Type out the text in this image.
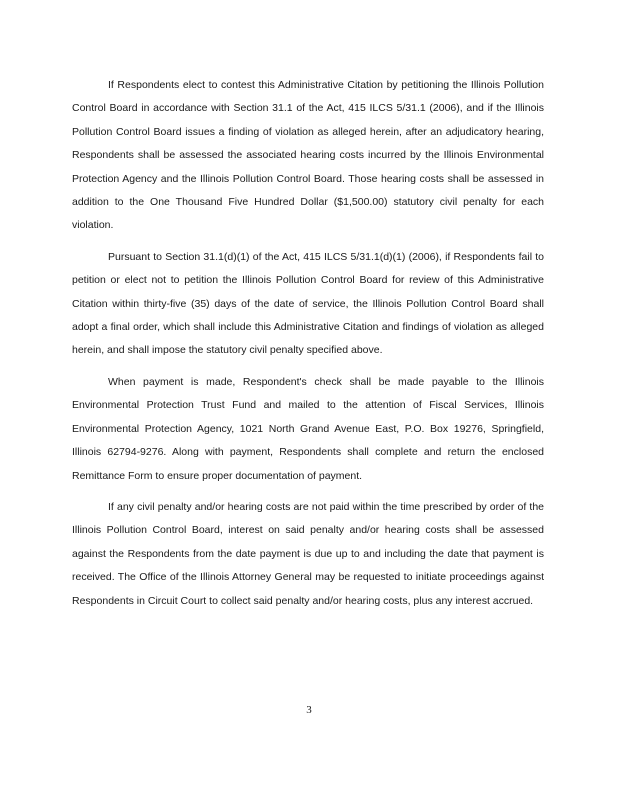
If Respondents elect to contest this Administrative Citation by petitioning the Illinois Pollution Control Board in accordance with Section 31.1 of the Act, 415 ILCS 5/31.1 (2006), and if the Illinois Pollution Control Board issues a finding of violation as alleged herein, after an adjudicatory hearing, Respondents shall be assessed the associated hearing costs incurred by the Illinois Environmental Protection Agency and the Illinois Pollution Control Board. Those hearing costs shall be assessed in addition to the One Thousand Five Hundred Dollar ($1,500.00) statutory civil penalty for each violation.

Pursuant to Section 31.1(d)(1) of the Act, 415 ILCS 5/31.1(d)(1) (2006), if Respondents fail to petition or elect not to petition the Illinois Pollution Control Board for review of this Administrative Citation within thirty-five (35) days of the date of service, the Illinois Pollution Control Board shall adopt a final order, which shall include this Administrative Citation and findings of violation as alleged herein, and shall impose the statutory civil penalty specified above.

When payment is made, Respondent's check shall be made payable to the Illinois Environmental Protection Trust Fund and mailed to the attention of Fiscal Services, Illinois Environmental Protection Agency, 1021 North Grand Avenue East, P.O. Box 19276, Springfield, Illinois 62794-9276. Along with payment, Respondents shall complete and return the enclosed Remittance Form to ensure proper documentation of payment.

If any civil penalty and/or hearing costs are not paid within the time prescribed by order of the Illinois Pollution Control Board, interest on said penalty and/or hearing costs shall be assessed against the Respondents from the date payment is due up to and including the date that payment is received. The Office of the Illinois Attorney General may be requested to initiate proceedings against Respondents in Circuit Court to collect said penalty and/or hearing costs, plus any interest accrued.

3
